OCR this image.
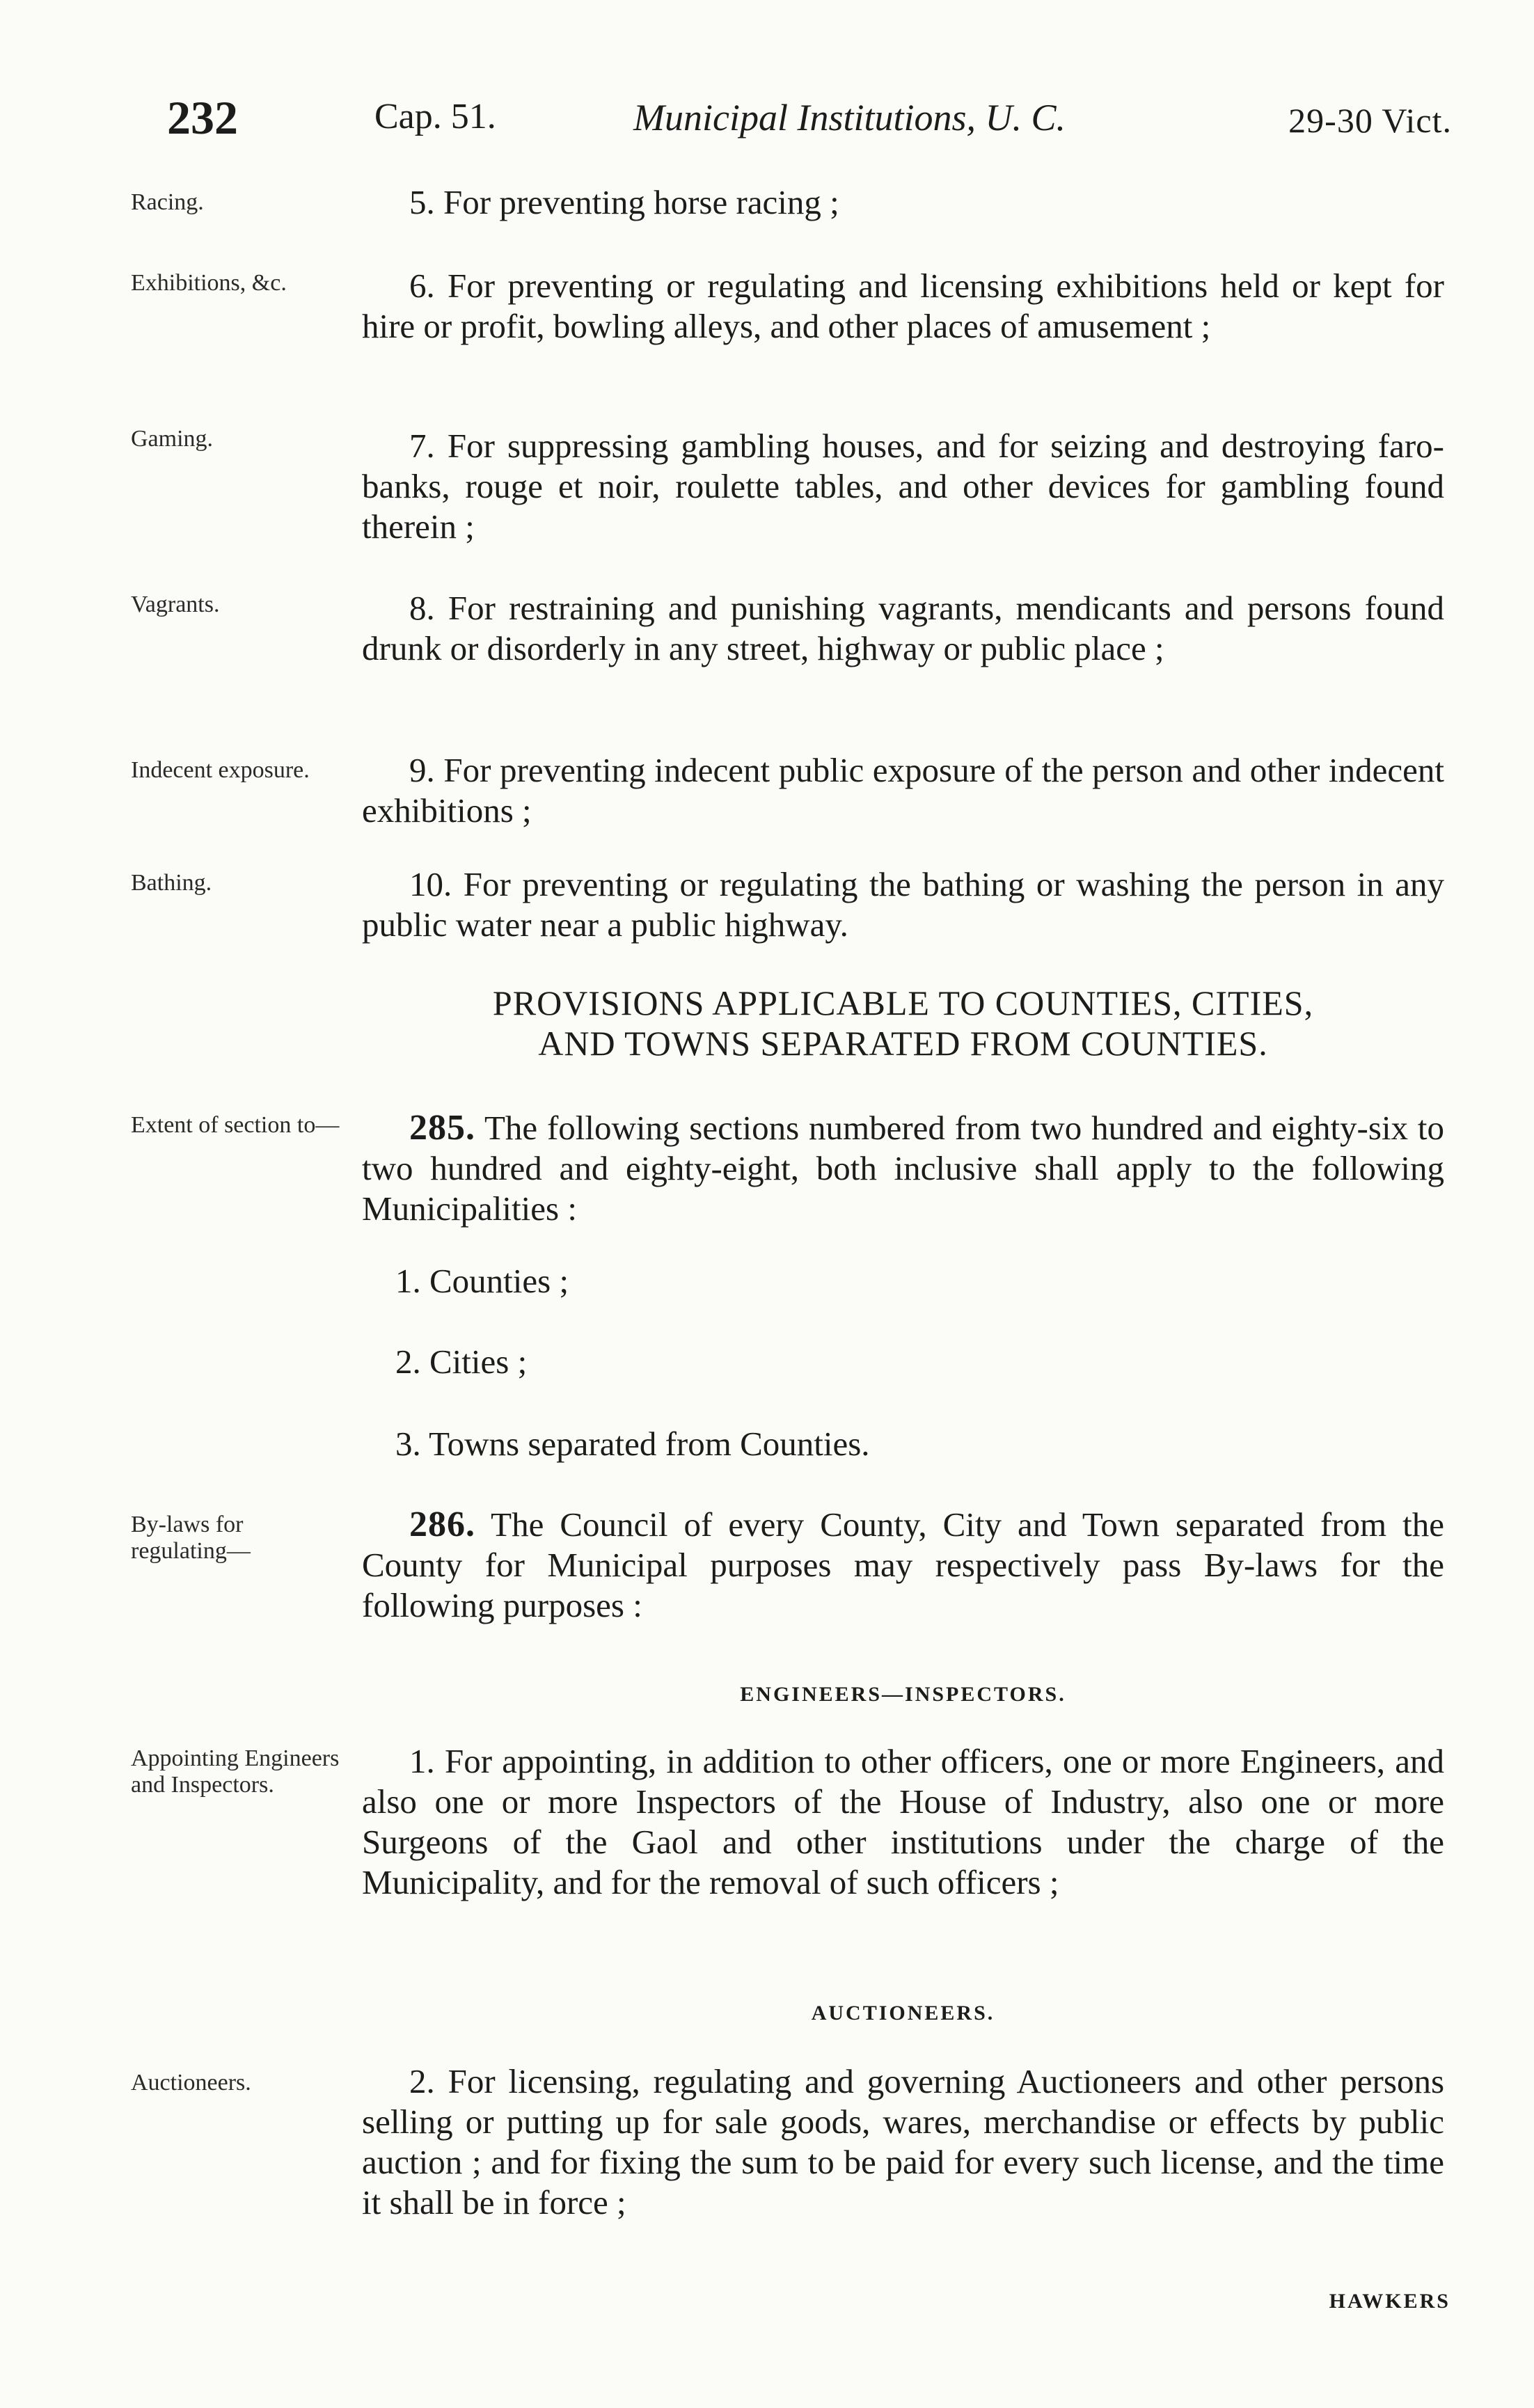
232	Cap. 51.	Municipal Institutions, U. C.	29-30 Vict.
Racing.	5. For preventing horse racing ;
Exhibitions, &c.	6. For preventing or regulating and licensing exhibitions held or kept for hire or profit, bowling alleys, and other places of amusement ;
Gaming.	7. For suppressing gambling houses, and for seizing and destroying faro-banks, rouge et noir, roulette tables, and other devices for gambling found therein ;
Vagrants.	8. For restraining and punishing vagrants, mendicants and persons found drunk or disorderly in any street, highway or public place ;
Indecent exposure.	9. For preventing indecent public exposure of the person and other indecent exhibitions ;
Bathing.	10. For preventing or regulating the bathing or washing the person in any public water near a public highway.
PROVISIONS APPLICABLE TO COUNTIES, CITIES,
AND TOWNS SEPARATED FROM COUNTIES.
Extent of section to—	285. The following sections numbered from two hundred and eighty-six to two hundred and eighty-eight, both inclusive shall apply to the following Municipalities :
1. Counties ;
2. Cities ;
3. Towns separated from Counties.
By-laws for regulating—
286. The Council of every County, City and Town separated from the County for Municipal purposes may respectively pass By-laws for the following purposes :
ENGINEERS—INSPECTORS.
Appointing Engineers and Inspectors.
1. For appointing, in addition to other officers, one or more Engineers, and also one or more Inspectors of the House of Industry, also one or more Surgeons of the Gaol and other institutions under the charge of the Municipality, and for the removal of such officers ;
AUCTIONEERS.
Auctioneers.	2. For licensing, regulating and governing Auctioneers and other persons selling or putting up for sale goods, wares, merchandise or effects by public auction ; and for fixing the sum to be paid for every such license, and the time it shall be in force ;
HAWKERS
